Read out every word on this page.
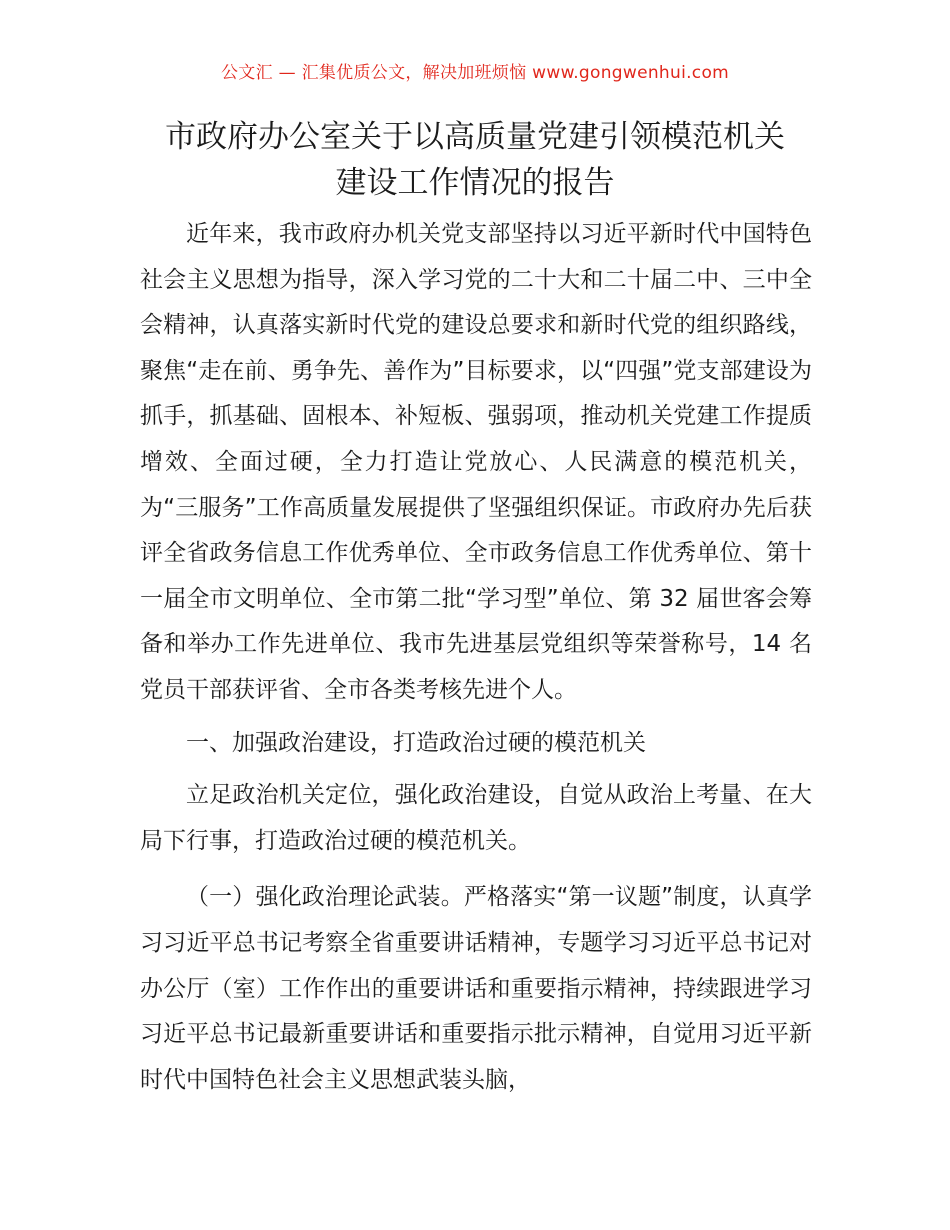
公文汇 — 汇集优质公文，解决加班烦恼 www.gongwenhui.com
市政府办公室关于以高质量党建引领模范机关
建设工作情况的报告

近年来，我市政府办机关党支部坚持以习近平新时代中国特色社会主义思想为指导，深入学习党的二十大和二十届二中、三中全会精神，认真落实新时代党的建设总要求和新时代党的组织路线，聚焦“走在前、勇争先、善作为”目标要求，以“四强”党支部建设为抓手，抓基础、固根本、补短板、强弱项，推动机关党建工作提质增效、全面过硬，全力打造让党放心、人民满意的模范机关，为“三服务”工作高质量发展提供了坚强组织保证。市政府办先后获评全省政务信息工作优秀单位、全市政务信息工作优秀单位、第十一届全市文明单位、全市第二批“学习型”单位、第 32 届世客会筹备和举办工作先进单位、我市先进基层党组织等荣誉称号，14 名党员干部获评省、全市各类考核先进个人。

一、加强政治建设，打造政治过硬的模范机关

立足政治机关定位，强化政治建设，自觉从政治上考量、在大局下行事，打造政治过硬的模范机关。

（一）强化政治理论武装。严格落实“第一议题”制度，认真学习习近平总书记考察全省重要讲话精神，专题学习习近平总书记对办公厅（室）工作作出的重要讲话和重要指示精神，持续跟进学习习近平总书记最新重要讲话和重要指示批示精神，自觉用习近平新时代中国特色社会主义思想武装头脑，
